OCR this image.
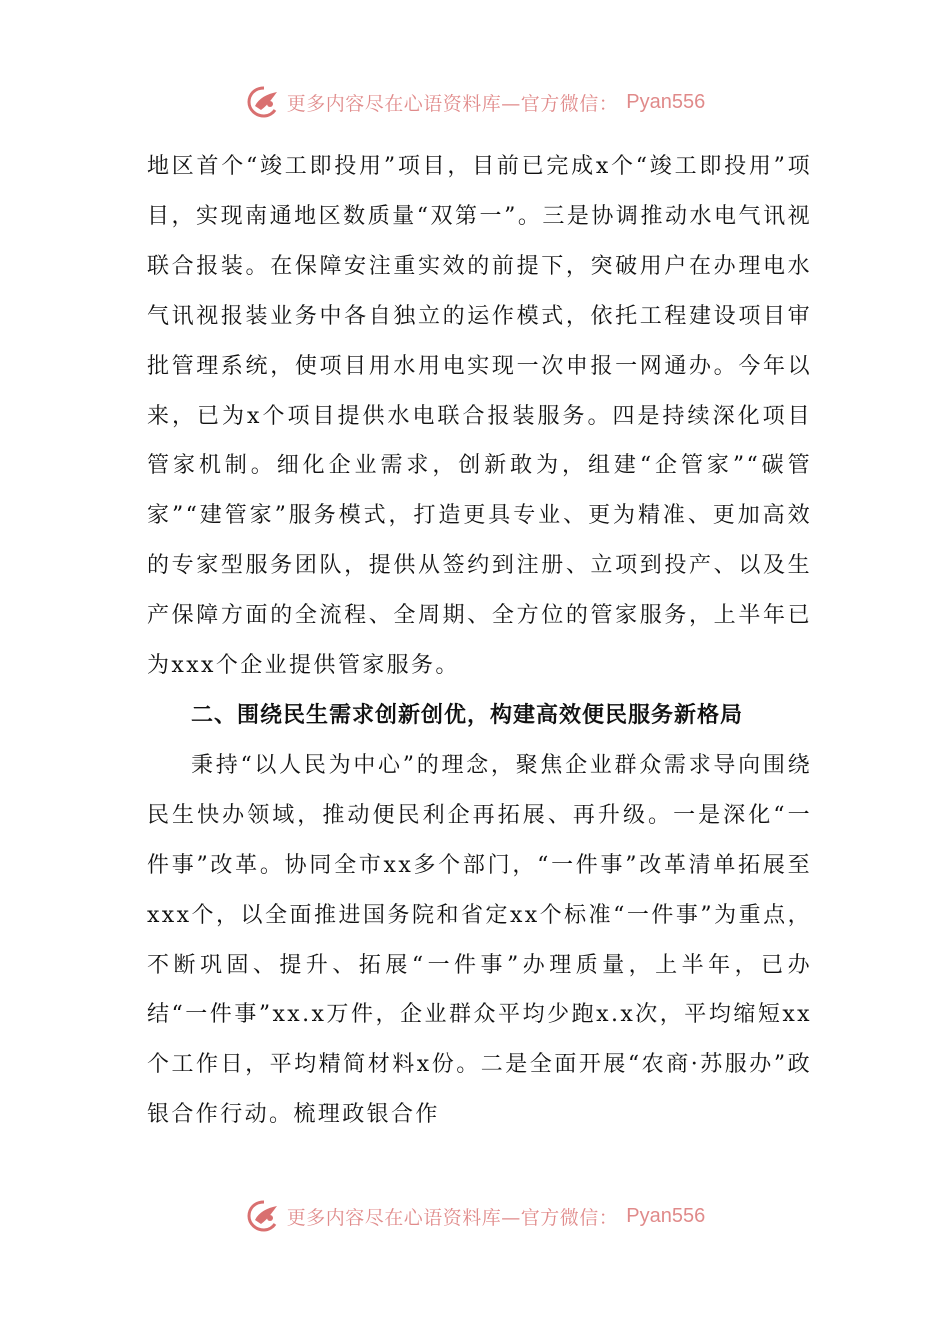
更多内容尽在心语资料库—官方微信： Pyan556

地区首个“竣工即投用”项目，目前已完成x个“竣工即投用”项目，实现南通地区数质量“双第一”。三是协调推动水电气讯视联合报装。在保障安注重实效的前提下，突破用户在办理电水气讯视报装业务中各自独立的运作模式，依托工程建设项目审批管理系统，使项目用水用电实现一次申报一网通办。今年以来，已为x个项目提供水电联合报装服务。四是持续深化项目管家机制。细化企业需求，创新敢为，组建“企管家”“碳管家”“建管家”服务模式，打造更具专业、更为精准、更加高效的专家型服务团队，提供从签约到注册、立项到投产、以及生产保障方面的全流程、全周期、全方位的管家服务，上半年已为xxx个企业提供管家服务。

二、围绕民生需求创新创优，构建高效便民服务新格局

秉持“以人民为中心”的理念，聚焦企业群众需求导向围绕民生快办领域，推动便民利企再拓展、再升级。一是深化“一件事”改革。协同全市xx多个部门，“一件事”改革清单拓展至xxx个，以全面推进国务院和省定xx个标准“一件事”为重点，不断巩固、提升、拓展“一件事”办理质量，上半年，已办结“一件事”xx.x万件，企业群众平均少跑x.x次，平均缩短xx个工作日，平均精简材料x份。二是全面开展“农商·苏服办”政银合作行动。梳理政银合作

更多内容尽在心语资料库—官方微信： Pyan556
